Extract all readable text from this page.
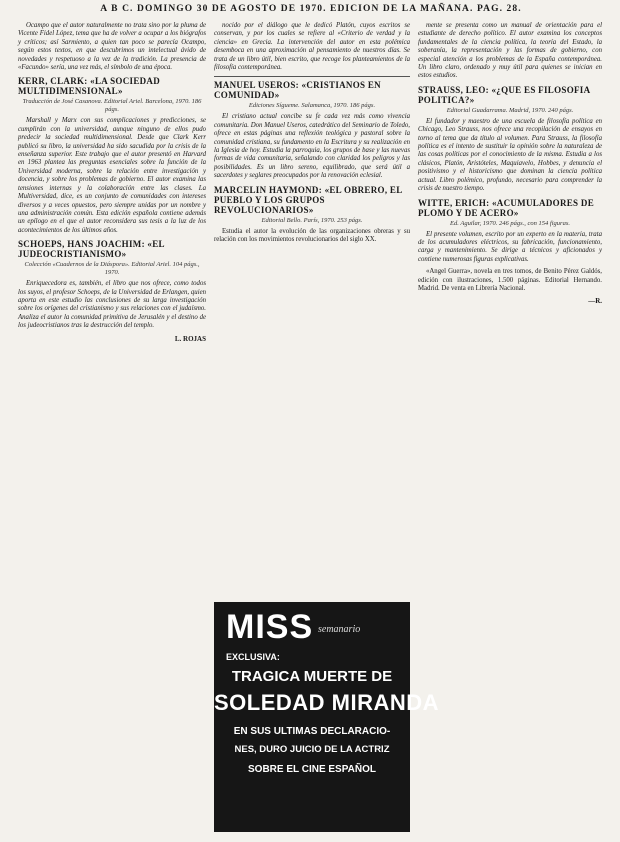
A B C. DOMINGO 30 DE AGOSTO DE 1970. EDICION DE LA MAÑANA. PAG. 28.

Ocampo que el autor naturalmente no trata sino por la pluma de Vicente Fidel López, tema que ha de volver a ocupar a los biógrafos y críticos; así Sarmiento, a quien tan poco se parecía Ocampo, según estos textos, en que descubrimos un intelectual ávido de novedades y respetuoso a la vez de la tradición. La presencia de «Facundo» sería, una vez más, el símbolo de una época.

KERR, CLARK: «LA SOCIEDAD MULTIDIMENSIONAL»
Traducción de José Casanova. Editorial Ariel. Barcelona, 1970. 186 págs.

Marshall y Marx con sus complicaciones y predicciones, se cumplirán con la universidad, aunque ninguno de ellos pudo predecir la sociedad multidimensional. Desde que Clark Kerr publicó su libro, la universidad ha sido sacudida por la crisis de la enseñanza superior. Este trabajo que el autor presentó en Harvard en 1963 plantea las preguntas esenciales sobre la función de la Universidad moderna, sobre la relación entre investigación y docencia, y sobre los problemas de gobierno. El autor examina las tensiones internas y la colaboración entre las clases. La Multiversidad, dice, es un conjunto de comunidades con intereses diversos y a veces opuestos, pero siempre unidas por un nombre y una administración común. Esta edición española contiene además un epílogo en el que el autor reconsidera sus tesis a la luz de los acontecimientos de los últimos años.

SCHOEPS, HANS JOACHIM: «EL JUDEOCRISTIANISMO»
Colección «Cuadernos de la Diáspora». Editorial Ariel. 104 págs., 1970.

Enriquecedora es, también, el libro que nos ofrece, como todos los suyos, el profesor Schoeps, de la Universidad de Erlangen, quien aporta en este estudio las conclusiones de su larga investigación sobre los orígenes del cristianismo y sus relaciones con el judaísmo. Analiza el autor la comunidad primitiva de Jerusalén y el destino de los judeocristianos tras la destrucción del templo.

L. ROJAS

nocido por el diálogo que le dedicó Platón, cuyos escritos se conservan, y por los cuales se refiere al «Criterio de verdad y la ciencia» en Grecia. La intervención del autor en esta polémica desemboca en una aproximación al pensamiento de nuestros días. Se trata de un libro útil, bien escrito, que recoge los planteamientos de la filosofía contemporánea.

MANUEL USEROS: «CRISTIANOS EN COMUNIDAD»
Ediciones Sígueme. Salamanca, 1970. 186 págs.

El cristiano actual concibe su fe cada vez más como vivencia comunitaria. Don Manuel Useros, catedrático del Seminario de Toledo, ofrece en estas páginas una reflexión teológica y pastoral sobre la comunidad cristiana, su fundamento en la Escritura y su realización en la Iglesia de hoy. Estudia la parroquia, los grupos de base y las nuevas formas de vida comunitaria, señalando con claridad los peligros y las posibilidades. Es un libro sereno, equilibrado, que será útil a sacerdotes y seglares preocupados por la renovación eclesial.

MARCELIN HAYMOND: «EL OBRERO, EL PUEBLO Y LOS GRUPOS REVOLUCIONARIOS»
Editorial Bello. París, 1970. 253 págs.

Estudia el autor la evolución de las organizaciones obreras y su relación con los movimientos revolucionarios del siglo XX.

MISS semanario
EXCLUSIVA:
TRAGICA MUERTE DE
SOLEDAD MIRANDA
EN SUS ULTIMAS DECLARACIO-
NES, DURO JUICIO DE LA ACTRIZ
SOBRE EL CINE ESPAÑOL

mente se presenta como un manual de orientación para el estudiante de derecho político. El autor examina los conceptos fundamentales de la ciencia política, la teoría del Estado, la soberanía, la representación y las formas de gobierno, con especial atención a los problemas de la España contemporánea. Un libro claro, ordenado y muy útil para quienes se inician en estos estudios.

STRAUSS, LEO: «¿QUE ES FILOSOFIA POLITICA?»
Editorial Guadarrama. Madrid, 1970. 240 págs.

El fundador y maestro de una escuela de filosofía política en Chicago, Leo Strauss, nos ofrece una recopilación de ensayos en torno al tema que da título al volumen. Para Strauss, la filosofía política es el intento de sustituir la opinión sobre la naturaleza de las cosas políticas por el conocimiento de la misma. Estudia a los clásicos, Platón, Aristóteles, Maquiavelo, Hobbes, y denuncia el positivismo y el historicismo que dominan la ciencia política actual. Libro polémico, profundo, necesario para comprender la crisis de nuestro tiempo.

WITTE, ERICH: «ACUMULADORES DE PLOMO Y DE ACERO»
Ed. Aguilar, 1970. 246 págs., con 154 figuras.

El presente volumen, escrito por un experto en la materia, trata de los acumuladores eléctricos, su fabricación, funcionamiento, carga y mantenimiento. Se dirige a técnicos y aficionados y contiene numerosas figuras explicativas.

«Angel Guerra», novela en tres tomos, de Benito Pérez Galdós, edición con ilustraciones, 1.500 páginas. Editorial Hernando. Madrid. De venta en Librería Nacional.

—R.
